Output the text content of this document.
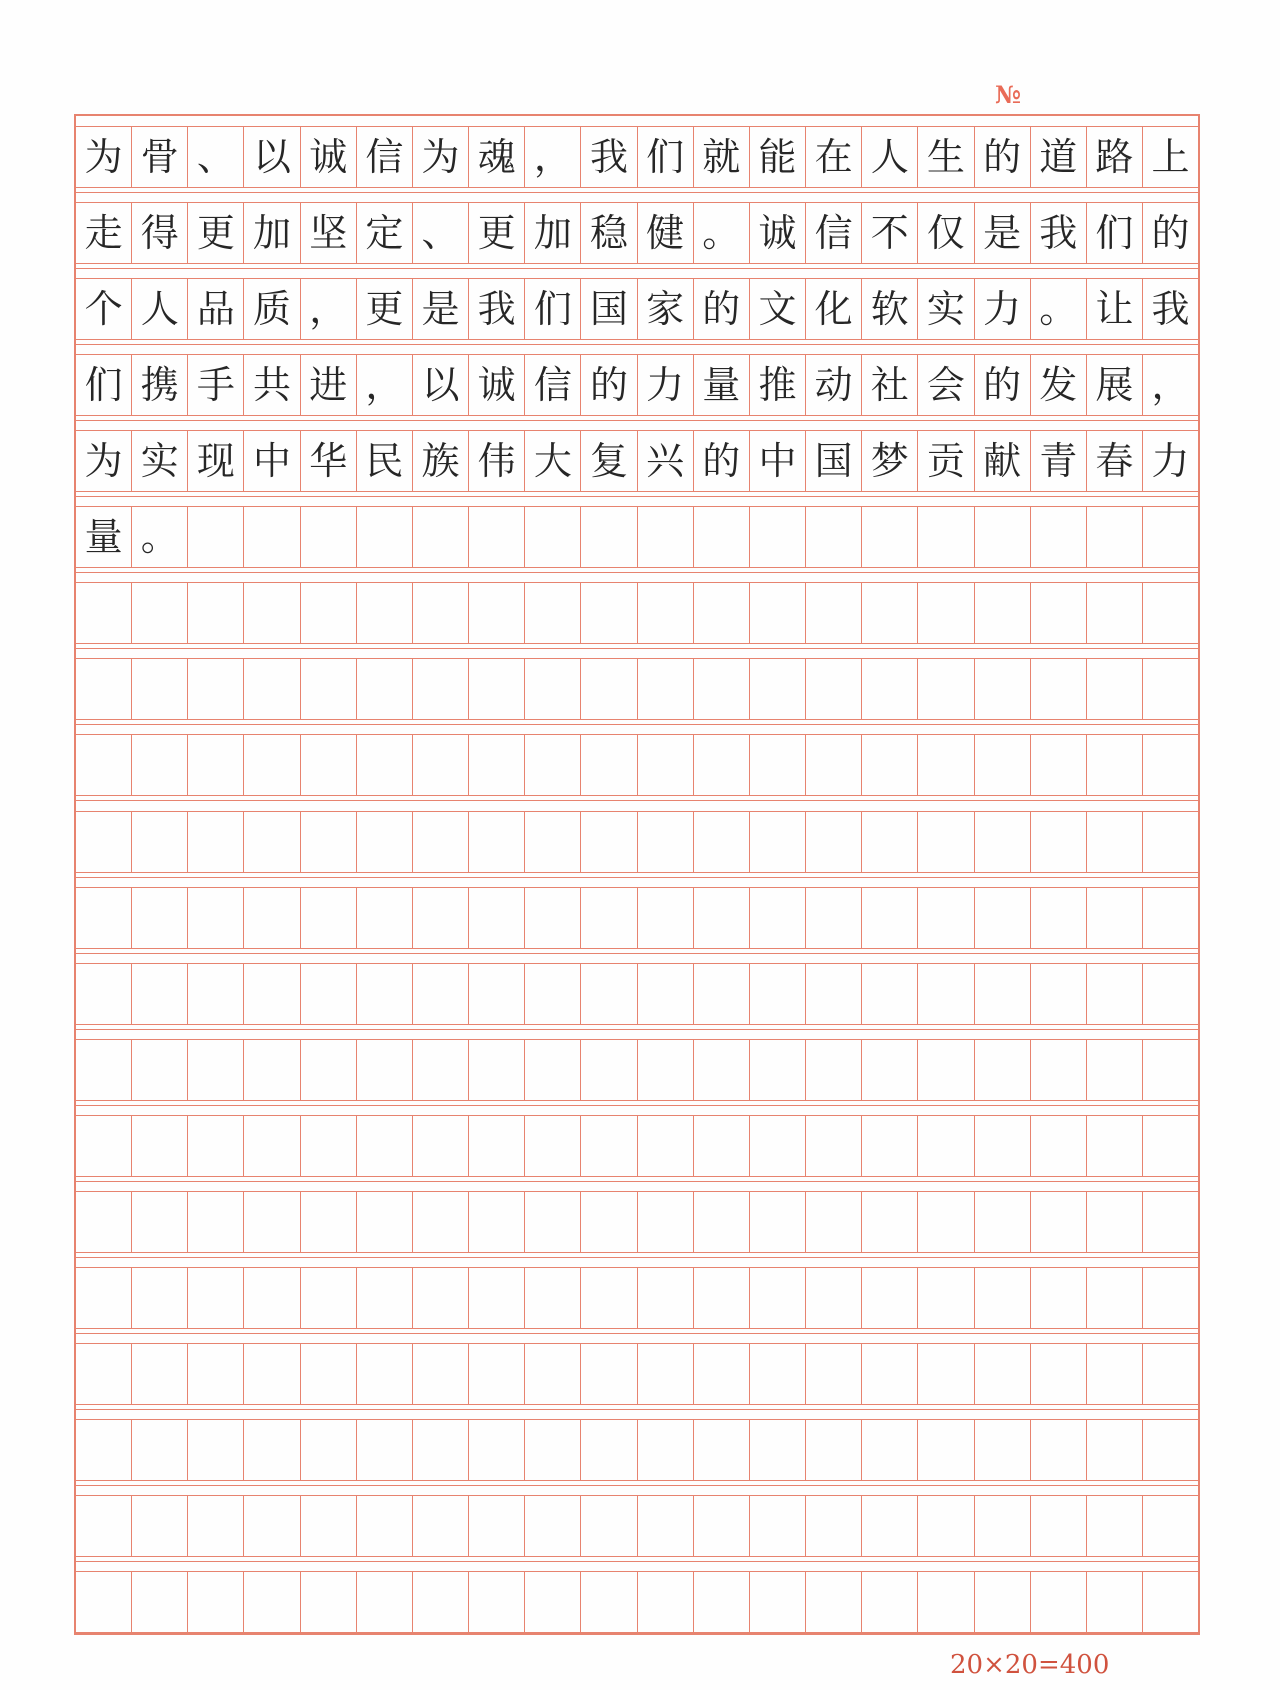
№
为 骨 、 以 诚 信 为 魂 ， 我 们 就 能 在 人 生 的 道 路 上
走 得 更 加 坚 定 、 更 加 稳 健 。 诚 信 不 仅 是 我 们 的
个 人 品 质 ， 更 是 我 们 国 家 的 文 化 软 实 力 。 让 我
们 携 手 共 进 ， 以 诚 信 的 力 量 推 动 社 会 的 发 展 ，
为 实 现 中 华 民 族 伟 大 复 兴 的 中 国 梦 贡 献 青 春 力
量 。
20×20=400
